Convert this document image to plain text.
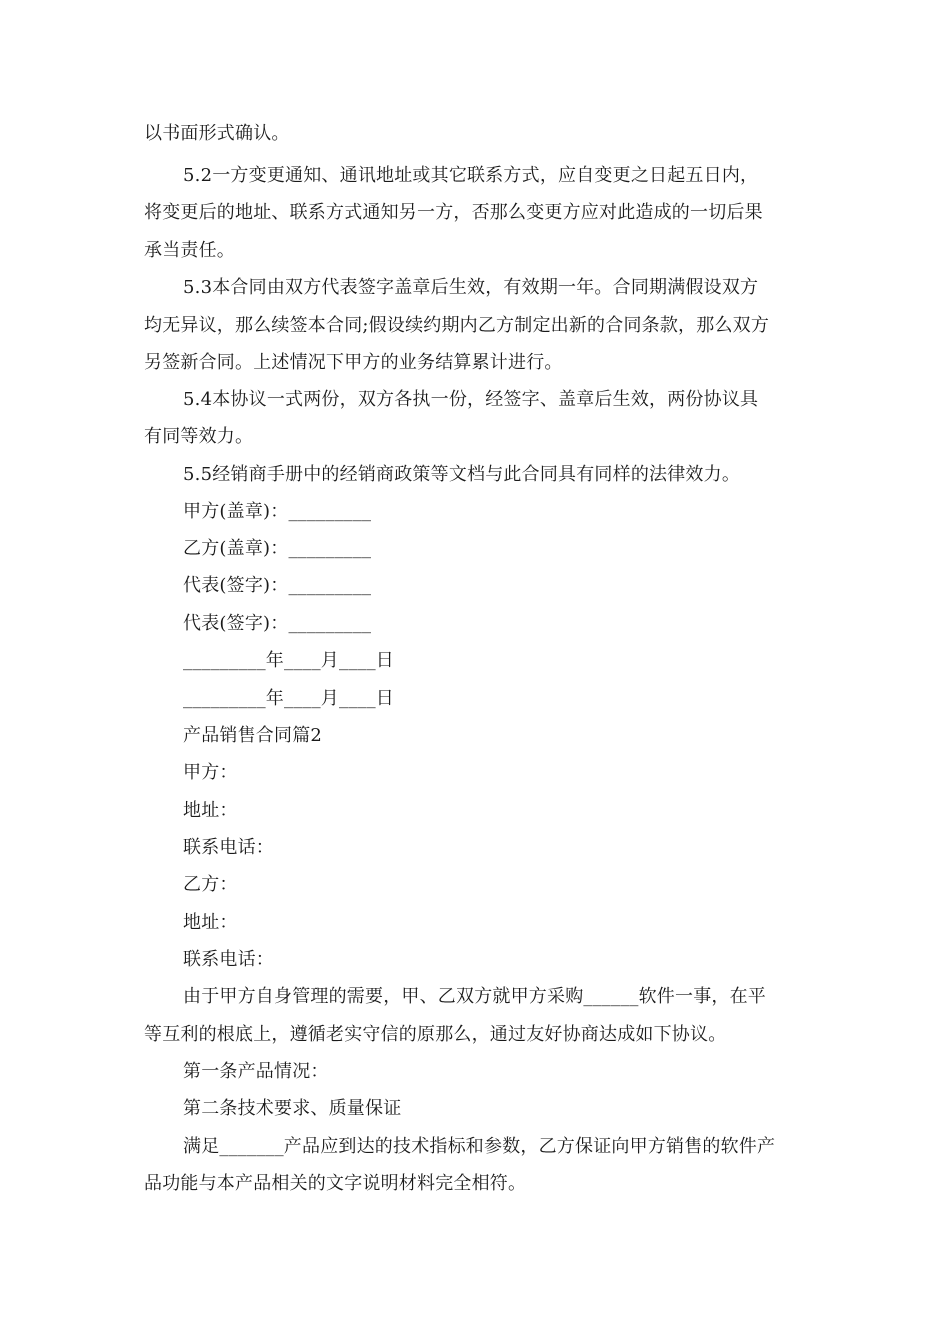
以书面形式确认。
5.2一方变更通知、通讯地址或其它联系方式，应自变更之日起五日内，
将变更后的地址、联系方式通知另一方，否那么变更方应对此造成的一切后果
承当责任。
5.3本合同由双方代表签字盖章后生效，有效期一年。合同期满假设双方
均无异议，那么续签本合同;假设续约期内乙方制定出新的合同条款，那么双方
另签新合同。上述情况下甲方的业务结算累计进行。
5.4本协议一式两份，双方各执一份，经签字、盖章后生效，两份协议具
有同等效力。
5.5经销商手册中的经销商政策等文档与此合同具有同样的法律效力。
甲方(盖章)：_________
乙方(盖章)：_________
代表(签字)：_________
代表(签字)：_________
_________年____月____日
_________年____月____日
产品销售合同篇2
甲方：
地址：
联系电话：
乙方：
地址：
联系电话：
由于甲方自身管理的需要，甲、乙双方就甲方采购______软件一事，在平
等互利的根底上，遵循老实守信的原那么，通过友好协商达成如下协议。
第一条产品情况：
第二条技术要求、质量保证
满足_______产品应到达的技术指标和参数，乙方保证向甲方销售的软件产
品功能与本产品相关的文字说明材料完全相符。
